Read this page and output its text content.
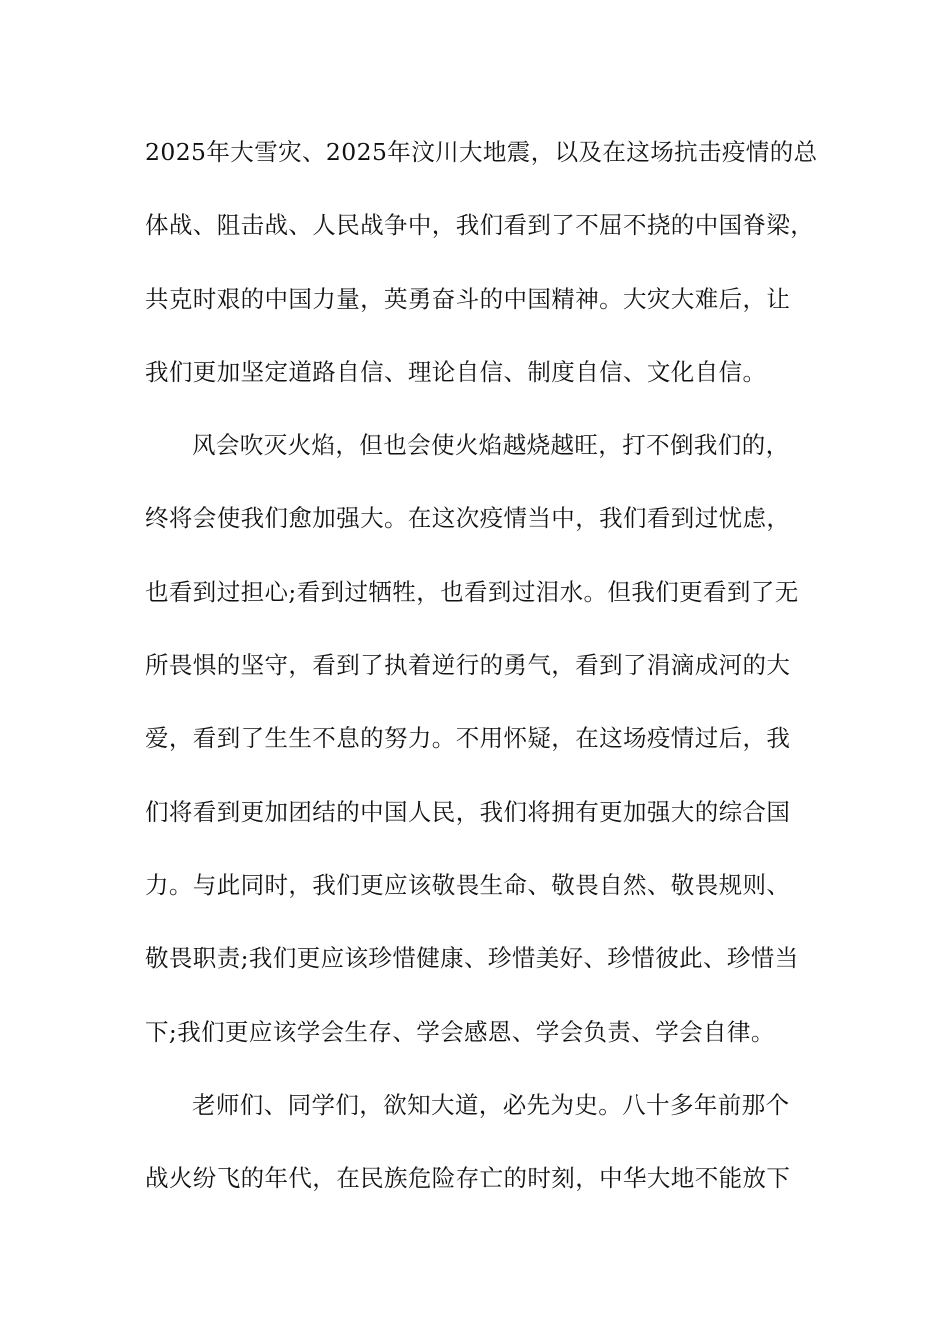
2025年大雪灾、2025年汶川大地震，以及在这场抗击疫情的总
体战、阻击战、人民战争中，我们看到了不屈不挠的中国脊梁，
共克时艰的中国力量，英勇奋斗的中国精神。大灾大难后，让
我们更加坚定道路自信、理论自信、制度自信、文化自信。
风会吹灭火焰，但也会使火焰越烧越旺，打不倒我们的，
终将会使我们愈加强大。在这次疫情当中，我们看到过忧虑，
也看到过担心;看到过牺牲，也看到过泪水。但我们更看到了无
所畏惧的坚守，看到了执着逆行的勇气，看到了涓滴成河的大
爱，看到了生生不息的努力。不用怀疑，在这场疫情过后，我
们将看到更加团结的中国人民，我们将拥有更加强大的综合国
力。与此同时，我们更应该敬畏生命、敬畏自然、敬畏规则、
敬畏职责;我们更应该珍惜健康、珍惜美好、珍惜彼此、珍惜当
下;我们更应该学会生存、学会感恩、学会负责、学会自律。
老师们、同学们，欲知大道，必先为史。八十多年前那个
战火纷飞的年代，在民族危险存亡的时刻，中华大地不能放下
